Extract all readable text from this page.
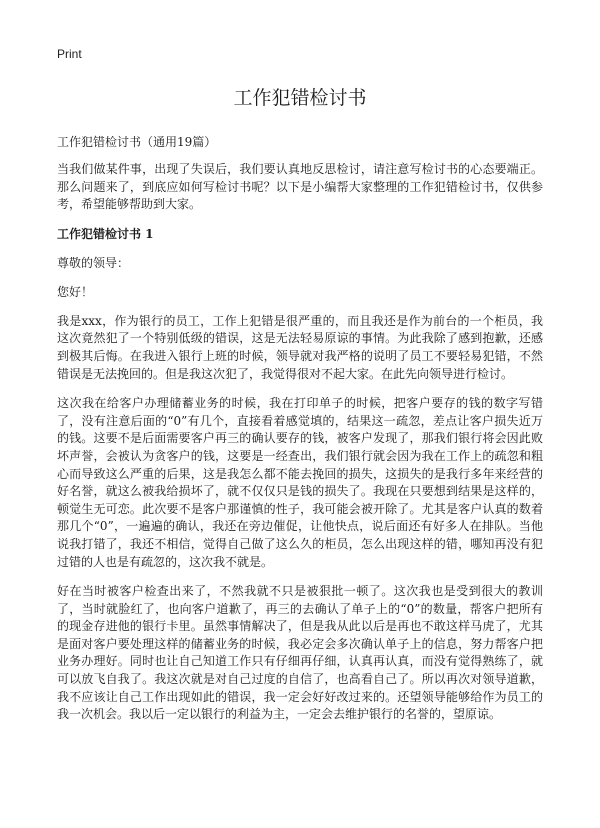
Print
工作犯错检讨书
工作犯错检讨书（通用19篇）

当我们做某件事，出现了失误后，我们要认真地反思检讨，请注意写检讨书的心态要端正。那么问题来了，到底应如何写检讨书呢？以下是小编帮大家整理的工作犯错检讨书，仅供参考，希望能够帮助到大家。

工作犯错检讨书 1
尊敬的领导：
您好！

我是xxx，作为银行的员工，工作上犯错是很严重的，而且我还是作为前台的一个柜员，我这次竟然犯了一个特别低级的错误，这是无法轻易原谅的事情。为此我除了感到抱歉，还感到极其后悔。在我进入银行上班的时候，领导就对我严格的说明了员工不要轻易犯错，不然错误是无法挽回的。但是我这次犯了，我觉得很对不起大家。在此先向领导进行检讨。

这次我在给客户办理储蓄业务的时候，我在打印单子的时候，把客户要存的钱的数字写错了，没有注意后面的“0”有几个，直接看着感觉填的，结果这一疏忽，差点让客户损失近万的钱。这要不是后面需要客户再三的确认要存的钱，被客户发现了，那我们银行将会因此败坏声誉，会被认为贪客户的钱，这要是一经查出，我们银行就会因为我在工作上的疏忽和粗心而导致这么严重的后果，这是我怎么都不能去挽回的损失，这损失的是我行多年来经营的好名誉，就这么被我给损坏了，就不仅仅只是钱的损失了。我现在只要想到结果是这样的，顿觉生无可恋。此次要不是客户那谨慎的性子，我可能会被开除了。尤其是客户认真的数着那几个“0”，一遍遍的确认，我还在旁边催促，让他快点，说后面还有好多人在排队。当他说我打错了，我还不相信，觉得自己做了这么久的柜员，怎么出现这样的错，哪知再没有犯过错的人也是有疏忽的，这次我不就是。

好在当时被客户检查出来了，不然我就不只是被狠批一顿了。这次我也是受到很大的教训了，当时就脸红了，也向客户道歉了，再三的去确认了单子上的“0”的数量，帮客户把所有的现金存进他的银行卡里。虽然事情解决了，但是我从此以后是再也不敢这样马虎了，尤其是面对客户要处理这样的储蓄业务的时候，我必定会多次确认单子上的信息，努力帮客户把业务办理好。同时也让自己知道工作只有仔细再仔细，认真再认真，而没有觉得熟练了，就可以放飞自我了。我这次就是对自己过度的自信了，也高看自己了。所以再次对领导道歉，我不应该让自己工作出现如此的错误，我一定会好好改过来的。还望领导能够给作为员工的我一次机会。我以后一定以银行的利益为主，一定会去维护银行的名誉的，望原谅。
